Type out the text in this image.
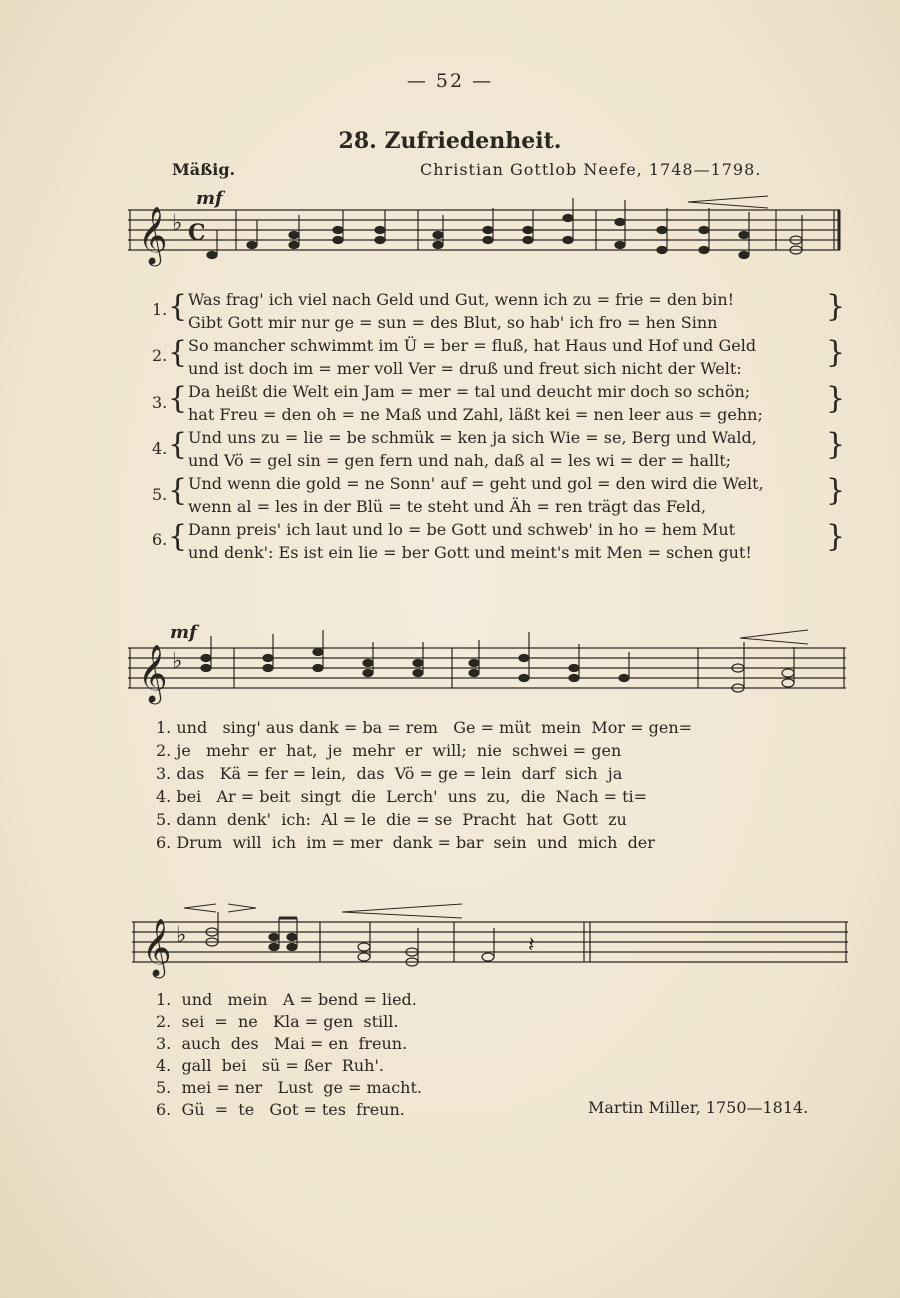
— 52 —
28. Zufriedenheit.
Mäßig.	Christian Gottlob Neefe, 1748—1798.
𝄞 ♭ C
mf
1.
2.
3.
4.
5.
6.
{
{
{
{
{
{
}
}
}
}
}
}
Was frag' ich viel nach Geld und Gut, wenn ich zu = frie = den bin!
Gibt Gott mir nur ge = sun = des Blut, so hab' ich fro = hen Sinn
So mancher schwimmt im Ü = ber = fluß, hat Haus und Hof und Geld
und ist doch im = mer voll Ver = druß und freut sich nicht der Welt:
Da heißt die Welt ein Jam = mer = tal und deucht mir doch so schön;
hat Freu = den oh = ne Maß und Zahl, läßt kei = nen leer aus = gehn;
Und uns zu = lie = be schmük = ken ja sich Wie = se, Berg und Wald,
und Vö = gel sin = gen fern und nah, daß al = les wi = der = hallt;
Und wenn die gold = ne Sonn' auf = geht und gol = den wird die Welt,
wenn al = les in der Blü = te steht und Äh = ren trägt das Feld,
Dann preis' ich laut und lo = be Gott und schweb' in ho = hem Mut
und denk': Es ist ein lie = ber Gott und meint's mit Men = schen gut!
𝄞 ♭
mf
1. und   sing' aus dank = ba = rem   Ge = müt  mein  Mor = gen=
2. je   mehr  er  hat,  je  mehr  er  will;  nie  schwei = gen
3. das   Kä = fer = lein,  das  Vö = ge = lein  darf  sich  ja
4. bei   Ar = beit  singt  die  Lerch'  uns  zu,  die  Nach = ti=
5. dann  denk'  ich:  Al = le  die = se  Pracht  hat  Gott  zu
6. Drum  will  ich  im = mer  dank = bar  sein  und  mich  der
𝄞 ♭	𝄽
1.  und   mein   A = bend = lied.
2.  sei  =  ne   Kla = gen  still.
3.  auch  des   Mai = en  freun.
4.  gall  bei   sü = ßer  Ruh'.
5.  mei = ner   Lust  ge = macht.
6.  Gü  =  te   Got = tes  freun.	Martin Miller, 1750—1814.
